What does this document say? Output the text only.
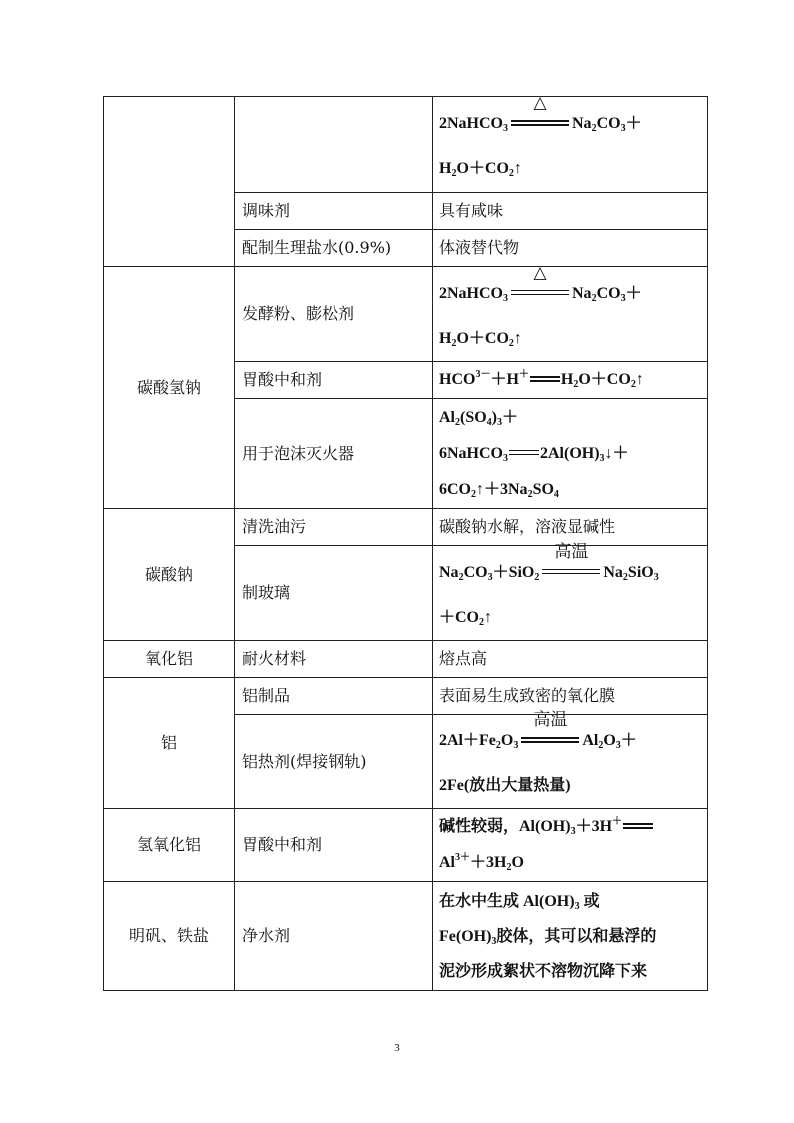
		2NaHCO$_3$
△
$Na_2CO_3+$
$H_2O+CO_2↑$

	调味剂	具有咸味
	配制生理盐水(0.9%)	体液替代物
碳酸氢钠	发酵粉、膨松剂	2NaHCO$_3$
△
$Na_2CO_3+$
$H_2O+CO_2↑$

	胃酸中和剂	$HCO^{3-}+H^+$ $H_2O+CO_2↑$
	用于泡沫灭火器	$Al_2(SO_4)_3+$
6NaHCO$_3$ $2Al(OH)_3↓+$
$6CO_2↑+3Na_2SO_4$

碳酸钠	清洗油污	碳酸钠水解，溶液显碱性
	制玻璃	$Na_2CO_3+SiO_2$
高温
$Na_2SiO_3$
$+CO_2↑$

氧化铝	耐火材料	熔点高
铝	铝制品	表面易生成致密的氧化膜
	铝热剂(焊接钢轨)	$2Al+Fe_2O_3$
高温
$Al_2O_3+$
2Fe(放出大量热量)

氢氧化铝	胃酸中和剂	碱性较弱，$Al(OH)_3+3H^+$
$Al^{3+}+3H_2O$

明矾、铁盐	净水剂	在水中生成 $Al(OH)_3$ 或
$Fe(OH)_3$胶体，其可以和悬浮的
泥沙形成絮状不溶物沉降下来
3
